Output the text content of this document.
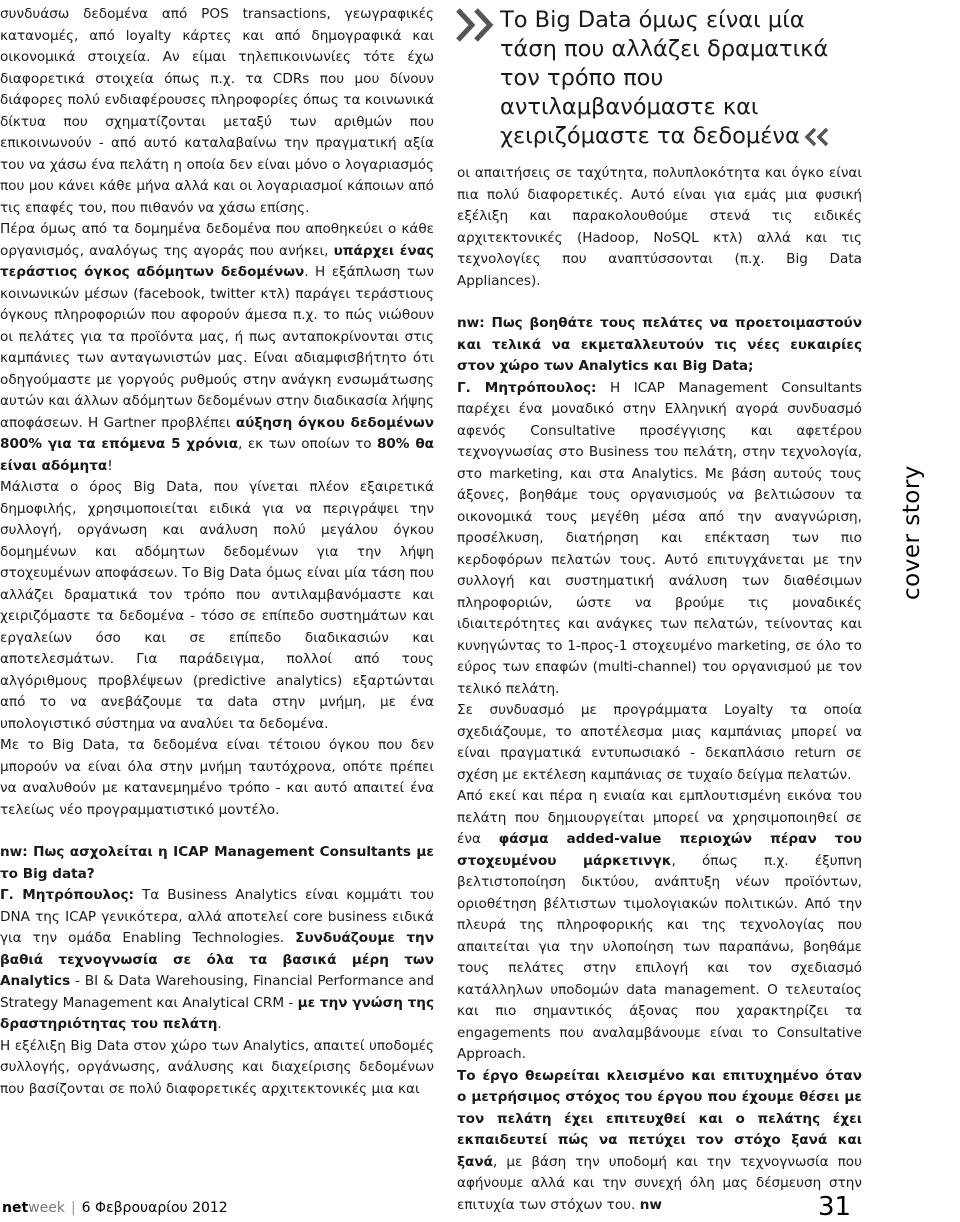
συνδυάσω δεδομένα από POS transactions, γεωγραφικές κατανομές, από loyalty κάρτες και από δημογραφικά και οικονομικά στοιχεία. Αν είμαι τηλεπικοινωνίες τότε έχω διαφορετικά στοιχεία όπως π.χ. τα CDRs που μου δίνουν διάφορες πολύ ενδιαφέρουσες πληροφορίες όπως τα κοινωνικά δίκτυα που σχηματίζονται μεταξύ των αριθμών που επικοινωνούν - από αυτό καταλαβαίνω την πραγματική αξία του να χάσω ένα πελάτη η οποία δεν είναι μόνο ο λογαριασμός που μου κάνει κάθε μήνα αλλά και οι λογαριασμοί κάποιων από τις επαφές του, που πιθανόν να χάσω επίσης.

Πέρα όμως από τα δομημένα δεδομένα που αποθηκεύει ο κάθε οργανισμός, αναλόγως της αγοράς που ανήκει, υπάρχει ένας τεράστιος όγκος αδόμητων δεδομένων. Η εξάπλωση των κοινωνικών μέσων (facebook, twitter κτλ) παράγει τεράστιους όγκους πληροφοριών που αφορούν άμεσα π.χ. το πώς νιώθουν οι πελάτες για τα προϊόντα μας, ή πως ανταποκρίνονται στις καμπάνιες των ανταγωνιστών μας. Είναι αδιαμφισβήτητο ότι οδηγούμαστε με γοργούς ρυθμούς στην ανάγκη ενσωμάτωσης αυτών και άλλων αδόμητων δεδομένων στην διαδικασία λήψης αποφάσεων. Η Gartner προβλέπει αύξηση όγκου δεδομένων 800% για τα επόμενα 5 χρόνια, εκ των οποίων το 80% θα είναι αδόμητα!

Μάλιστα ο όρος Big Data, που γίνεται πλέον εξαιρετικά δημοφιλής, χρησιμοποιείται ειδικά για να περιγράψει την συλλογή, οργάνωση και ανάλυση πολύ μεγάλου όγκου δομημένων και αδόμητων δεδομένων για την λήψη στοχευμένων αποφάσεων. Το Big Data όμως είναι μία τάση που αλλάζει δραματικά τον τρόπο που αντιλαμβανόμαστε και χειριζόμαστε τα δεδομένα - τόσο σε επίπεδο συστημάτων και εργαλείων όσο και σε επίπεδο διαδικασιών και αποτελεσμάτων. Για παράδειγμα, πολλοί από τους αλγόριθμους προβλέψεων (predictive analytics) εξαρτώνται από το να ανεβάζουμε τα data στην μνήμη, με ένα υπολογιστικό σύστημα να αναλύει τα δεδομένα.

Με το Big Data, τα δεδομένα είναι τέτοιου όγκου που δεν μπορούν να είναι όλα στην μνήμη ταυτόχρονα, οπότε πρέπει να αναλυθούν με κατανεμημένο τρόπο - και αυτό απαιτεί ένα τελείως νέο προγραμματιστικό μοντέλο.

nw: Πως ασχολείται η ICAP Management Consultants με το Big data?

Γ. Μητρόπουλος: Τα Business Analytics είναι κομμάτι του DNA της ICAP γενικότερα, αλλά αποτελεί core business ειδικά για την ομάδα Enabling Technologies. Συνδυάζουμε την βαθιά τεχνογνωσία σε όλα τα βασικά μέρη των Analytics - BI & Data Warehousing, Financial Performance and Strategy Management και Analytical CRM - με την γνώση της δραστηριότητας του πελάτη.

Η εξέλιξη Big Data στον χώρο των Analytics, απαιτεί υποδομές συλλογής, οργάνωσης, ανάλυσης και διαχείρισης δεδομένων που βασίζονται σε πολύ διαφορετικές αρχιτεκτονικές μια και

Το Big Data όμως είναι μία τάση που αλλάζει δραματικά τον τρόπο που αντιλαμβανόμαστε και χειριζόμαστε τα δεδομένα

οι απαιτήσεις σε ταχύτητα, πολυπλοκότητα και όγκο είναι πια πολύ διαφορετικές. Αυτό είναι για εμάς μια φυσική εξέλιξη και παρακολουθούμε στενά τις ειδικές αρχιτεκτονικές (Hadoop, NoSQL κτλ) αλλά και τις τεχνολογίες που αναπτύσσονται (π.χ. Big Data Appliances).

nw: Πως βοηθάτε τους πελάτες να προετοιμαστούν και τελικά να εκμεταλλευτούν τις νέες ευκαιρίες στον χώρο των Analytics και Big Data;

Γ. Μητρόπουλος: Η ICAP Management Consultants παρέχει ένα μοναδικό στην Ελληνική αγορά συνδυασμό αφενός Consultative προσέγγισης και αφετέρου τεχνογνωσίας στο Business του πελάτη, στην τεχνολογία, στο marketing, και στα Analytics. Με βάση αυτούς τους άξονες, βοηθάμε τους οργανισμούς να βελτιώσουν τα οικονομικά τους μεγέθη μέσα από την αναγνώριση, προσέλκυση, διατήρηση και επέκταση των πιο κερδοφόρων πελατών τους. Αυτό επιτυγχάνεται με την συλλογή και συστηματική ανάλυση των διαθέσιμων πληροφοριών, ώστε να βρούμε τις μοναδικές ιδιαιτερότητες και ανάγκες των πελατών, τείνοντας και κυνηγώντας το 1-προς-1 στοχευμένο marketing, σε όλο το εύρος των επαφών (multi-channel) του οργανισμού με τον τελικό πελάτη.

Σε συνδυασμό με προγράμματα Loyalty τα οποία σχεδιάζουμε, το αποτέλεσμα μιας καμπάνιας μπορεί να είναι πραγματικά εντυπωσιακό - δεκαπλάσιο return σε σχέση με εκτέλεση καμπάνιας σε τυχαίο δείγμα πελατών.

Από εκεί και πέρα η ενιαία και εμπλουτισμένη εικόνα του πελάτη που δημιουργείται μπορεί να χρησιμοποιηθεί σε ένα φάσμα added-value περιοχών πέραν του στοχευμένου μάρκετινγκ, όπως π.χ. έξυπνη βελτιστοποίηση δικτύου, ανάπτυξη νέων προϊόντων, οριοθέτηση βέλτιστων τιμολογιακών πολιτικών. Από την πλευρά της πληροφορικής και της τεχνολογίας που απαιτείται για την υλοποίηση των παραπάνω, βοηθάμε τους πελάτες στην επιλογή και τον σχεδιασμό κατάλληλων υποδομών data management. Ο τελευταίος και πιο σημαντικός άξονας που χαρακτηρίζει τα engagements που αναλαμβάνουμε είναι το Consultative Approach.

Το έργο θεωρείται κλεισμένο και επιτυχημένο όταν ο μετρήσιμος στόχος του έργου που έχουμε θέσει με τον πελάτη έχει επιτευχθεί και ο πελάτης έχει εκπαιδευτεί πώς να πετύχει τον στόχο ξανά και ξανά, με βάση την υποδομή και την τεχνογνωσία που αφήνουμε αλλά και την συνεχή όλη μας δέσμευση στην επιτυχία των στόχων του. nw

cover story
netweek | 6 Φεβρουαρίου 2012	31
